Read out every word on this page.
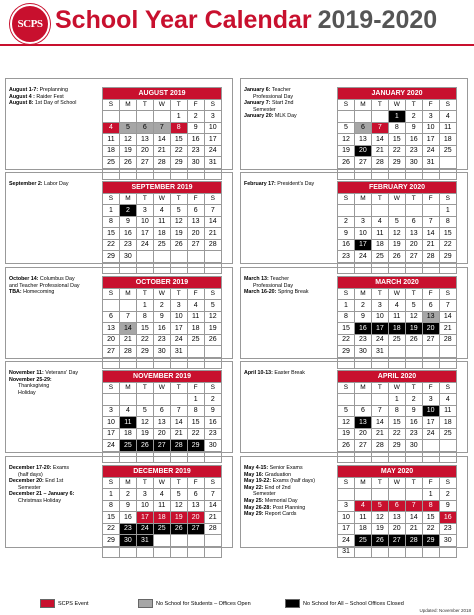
SCPS School Year Calendar 2019-2020
August 1-7: Preplanning
August 4 : Raider Fest
August 8: 1st Day of School
AUGUST 2019						
S	M	T	W	T	F	S
				1	2	3
4	5	6	7	8	9	10
11	12	13	14	15	16	17
18	19	20	21	22	23	24
25	26	27	28	29	30	31

January 6: Teacher
Professional Day
January 7: Start 2nd
Semester
January 20: MLK Day
JANUARY 2020						
S	M	T	W	T	F	S
			1	2	3	4
5	6	7	8	9	10	11
12	13	14	15	16	17	18
19	20	21	22	23	24	25
26	27	28	29	30	31	

September 2: Labor Day	SEPTEMBER 2019						
S	M	T	W	T	F	S
1	2	3	4	5	6	7
8	9	10	11	12	13	14
15	16	17	18	19	20	21
22	23	24	25	26	27	28
29	30					

February 17: President's Day	FEBRUARY 2020						
S	M	T	W	T	F	S
						1
2	3	4	5	6	7	8
9	10	11	12	13	14	15
16	17	18	19	20	21	22
23	24	25	26	27	28	29

October 14: Columbus Day
and Teacher Professional Day
TBA: Homecoming
OCTOBER 2019						
S	M	T	W	T	F	S
		1	2	3	4	5
6	7	8	9	10	11	12
13	14	15	16	17	18	19
20	21	22	23	24	25	26
27	28	29	30	31		

March 13: Teacher
Professional Day
March 16-20: Spring Break
MARCH 2020						
S	M	T	W	T	F	S
1	2	3	4	5	6	7
8	9	10	11	12	13	14
15	16	17	18	19	20	21
22	23	24	25	26	27	28
29	30	31				

November 11: Veterans' Day
November 25-29:
Thanksgiving
Holiday
NOVEMBER 2019						
S	M	T	W	T	F	S
					1	2
3	4	5	6	7	8	9
10	11	12	13	14	15	16
17	18	19	20	21	22	23
24	25	26	27	28	29	30

April 10-13: Easter Break	APRIL 2020						
S	M	T	W	T	F	S
			1	2	3	4
5	6	7	8	9	10	11
12	13	14	15	16	17	18
19	20	21	22	23	24	25
26	27	28	29	30		

December 17-20: Exams
(half days)
December 20: End 1st
Semester
December 21 – January 6:
Christmas Holiday
DECEMBER 2019						
S	M	T	W	T	F	S
1	2	3	4	5	6	7
8	9	10	11	12	13	14
15	16	17	18	19	20	21
22	23	24	25	26	27	28
29	30	31				

May 4-15: Senior Exams
May 16: Graduation
May 19-22: Exams (half days)
May 22: End of 2nd
Semester
May 25: Memorial Day
May 26-28: Post Planning
May 29: Report Cards
MAY 2020						
S	M	T	W	T	F	S
					1	2
3	4	5	6	7	8	9
10	11	12	13	14	15	16
17	18	19	20	21	22	23
24	25	26	27	28	29	30
31						
SCPS Event	No School for Students – Offices Open	No School for All – School Offices Closed
Updated: November 2018
